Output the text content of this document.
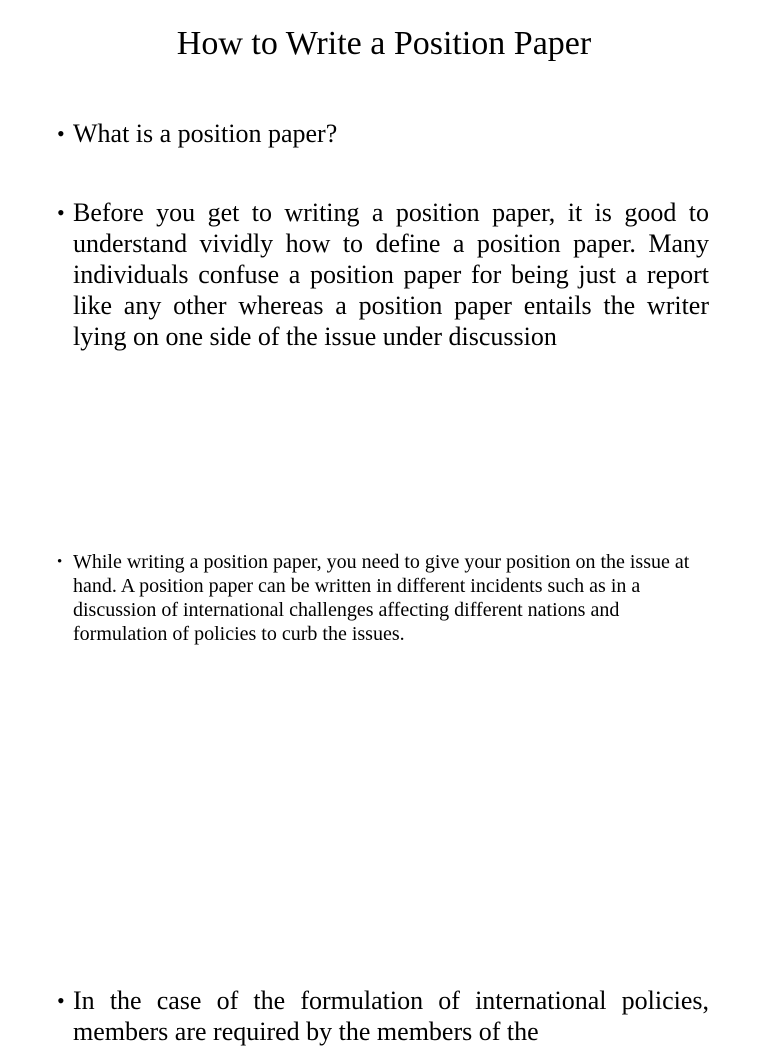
How to Write a Position Paper
• What is a position paper?
• Before you get to writing a position paper, it is good to understand vividly how to define a position paper. Many individuals confuse a position paper for being just a report like any other whereas a position paper entails the writer lying on one side of the issue under discussion
• While writing a position paper, you need to give your position on the issue at hand. A position paper can be written in different incidents such as in a discussion of international challenges affecting different nations and formulation of policies to curb the issues.
• In the case of the formulation of international policies, members are required by the members of the
